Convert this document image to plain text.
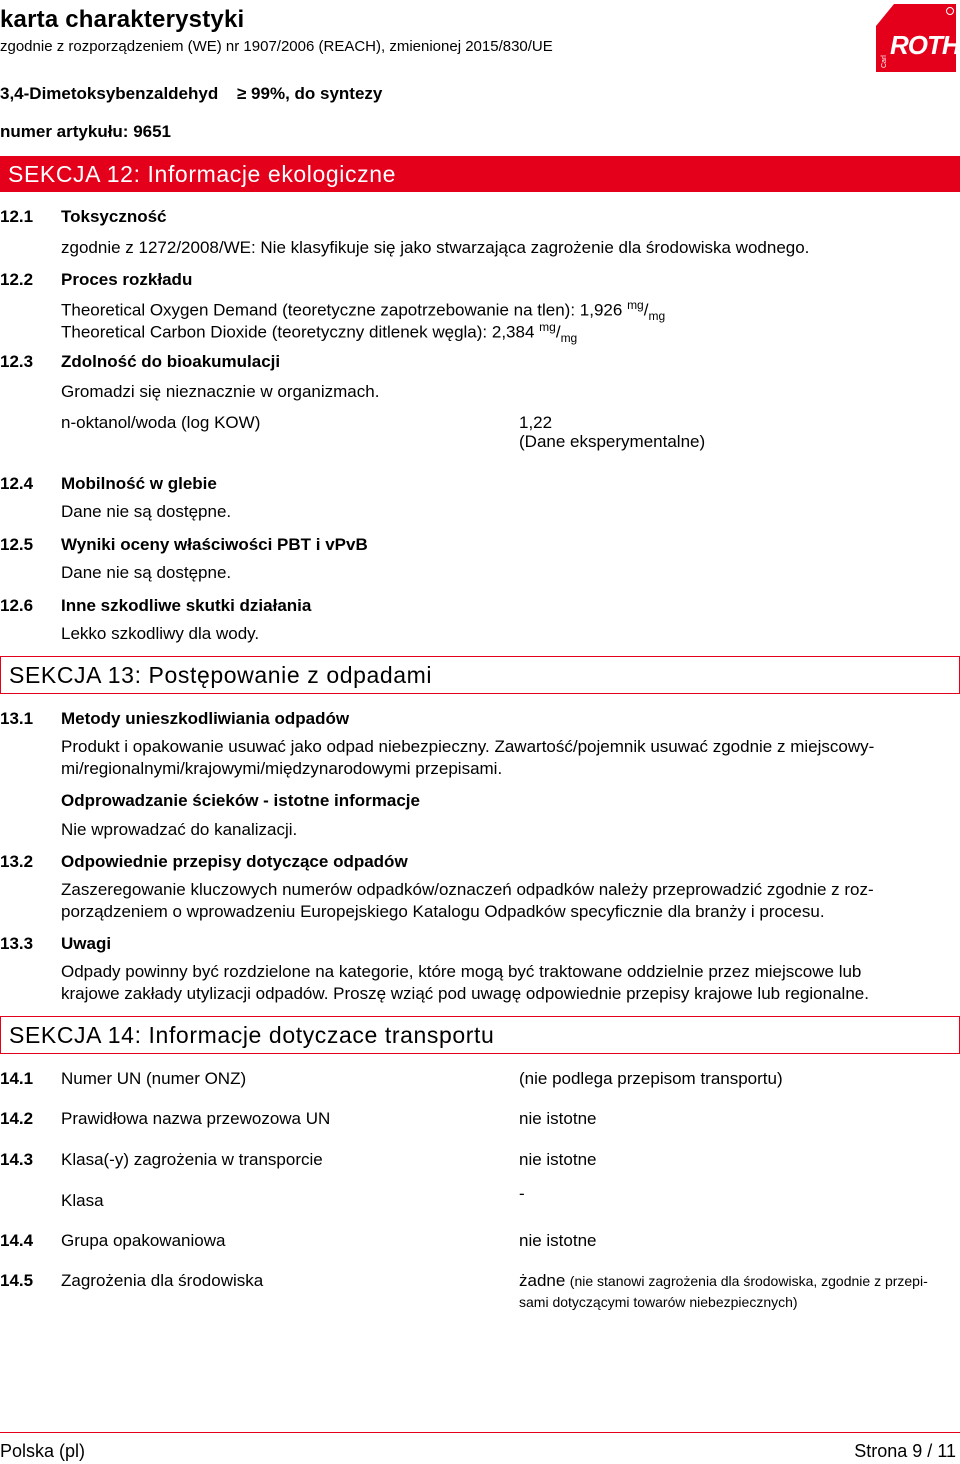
karta charakterystyki
zgodnie z rozporządzeniem (WE) nr 1907/2006 (REACH), zmienionej 2015/830/UE	ROTH
Carl
3,4-Dimetoksybenzaldehyd ≥ 99%, do syntezy
numer artykułu: 9651
SEKCJA 12: Informacje ekologiczne
12.1 Toksyczność
zgodnie z 1272/2008/WE: Nie klasyfikuje się jako stwarzająca zagrożenie dla środowiska wodnego.
12.2 Proces rozkładu
Theoretical Oxygen Demand (teoretyczne zapotrzebowanie na tlen): 1,926 $^{mg}/_{mg}$
Theoretical Carbon Dioxide (teoretyczny ditlenek węgla): 2,384 $^{mg}/_{mg}$
12.3 Zdolność do bioakumulacji
Gromadzi się nieznacznie w organizmach.
n-oktanol/woda (log KOW)	1,22
(Dane eksperymentalne)
12.4 Mobilność w glebie
Dane nie są dostępne.
12.5 Wyniki oceny właściwości PBT i vPvB
Dane nie są dostępne.
12.6 Inne szkodliwe skutki działania
Lekko szkodliwy dla wody.
SEKCJA 13: Postępowanie z odpadami
13.1 Metody unieszkodliwiania odpadów
Produkt i opakowanie usuwać jako odpad niebezpieczny. Zawartość/pojemnik usuwać zgodnie z miejscowy-
mi/regionalnymi/krajowymi/międzynarodowymi przepisami.
Odprowadzanie ścieków - istotne informacje
Nie wprowadzać do kanalizacji.
13.2 Odpowiednie przepisy dotyczące odpadów
Zaszeregowanie kluczowych numerów odpadków/oznaczeń odpadków należy przeprowadzić zgodnie z roz-
porządzeniem o wprowadzeniu Europejskiego Katalogu Odpadków specyficznie dla branży i procesu.
13.3 Uwagi
Odpady powinny być rozdzielone na kategorie, które mogą być traktowane oddzielnie przez miejscowe lub
krajowe zakłady utylizacji odpadów. Proszę wziąć pod uwagę odpowiednie przepisy krajowe lub regionalne.
SEKCJA 14: Informacje dotyczace transportu
14.1 Numer UN (numer ONZ)	(nie podlega przepisom transportu)
14.2 Prawidłowa nazwa przewozowa UN	nie istotne
14.3 Klasa(-y) zagrożenia w transporcie	nie istotne
Klasa	-
14.4 Grupa opakowaniowa	nie istotne
14.5 Zagrożenia dla środowiska	żadne (nie stanowi zagrożenia dla środowiska, zgodnie z przepi-
sami dotyczącymi towarów niebezpiecznych)
Polska (pl)	Strona 9 / 11
